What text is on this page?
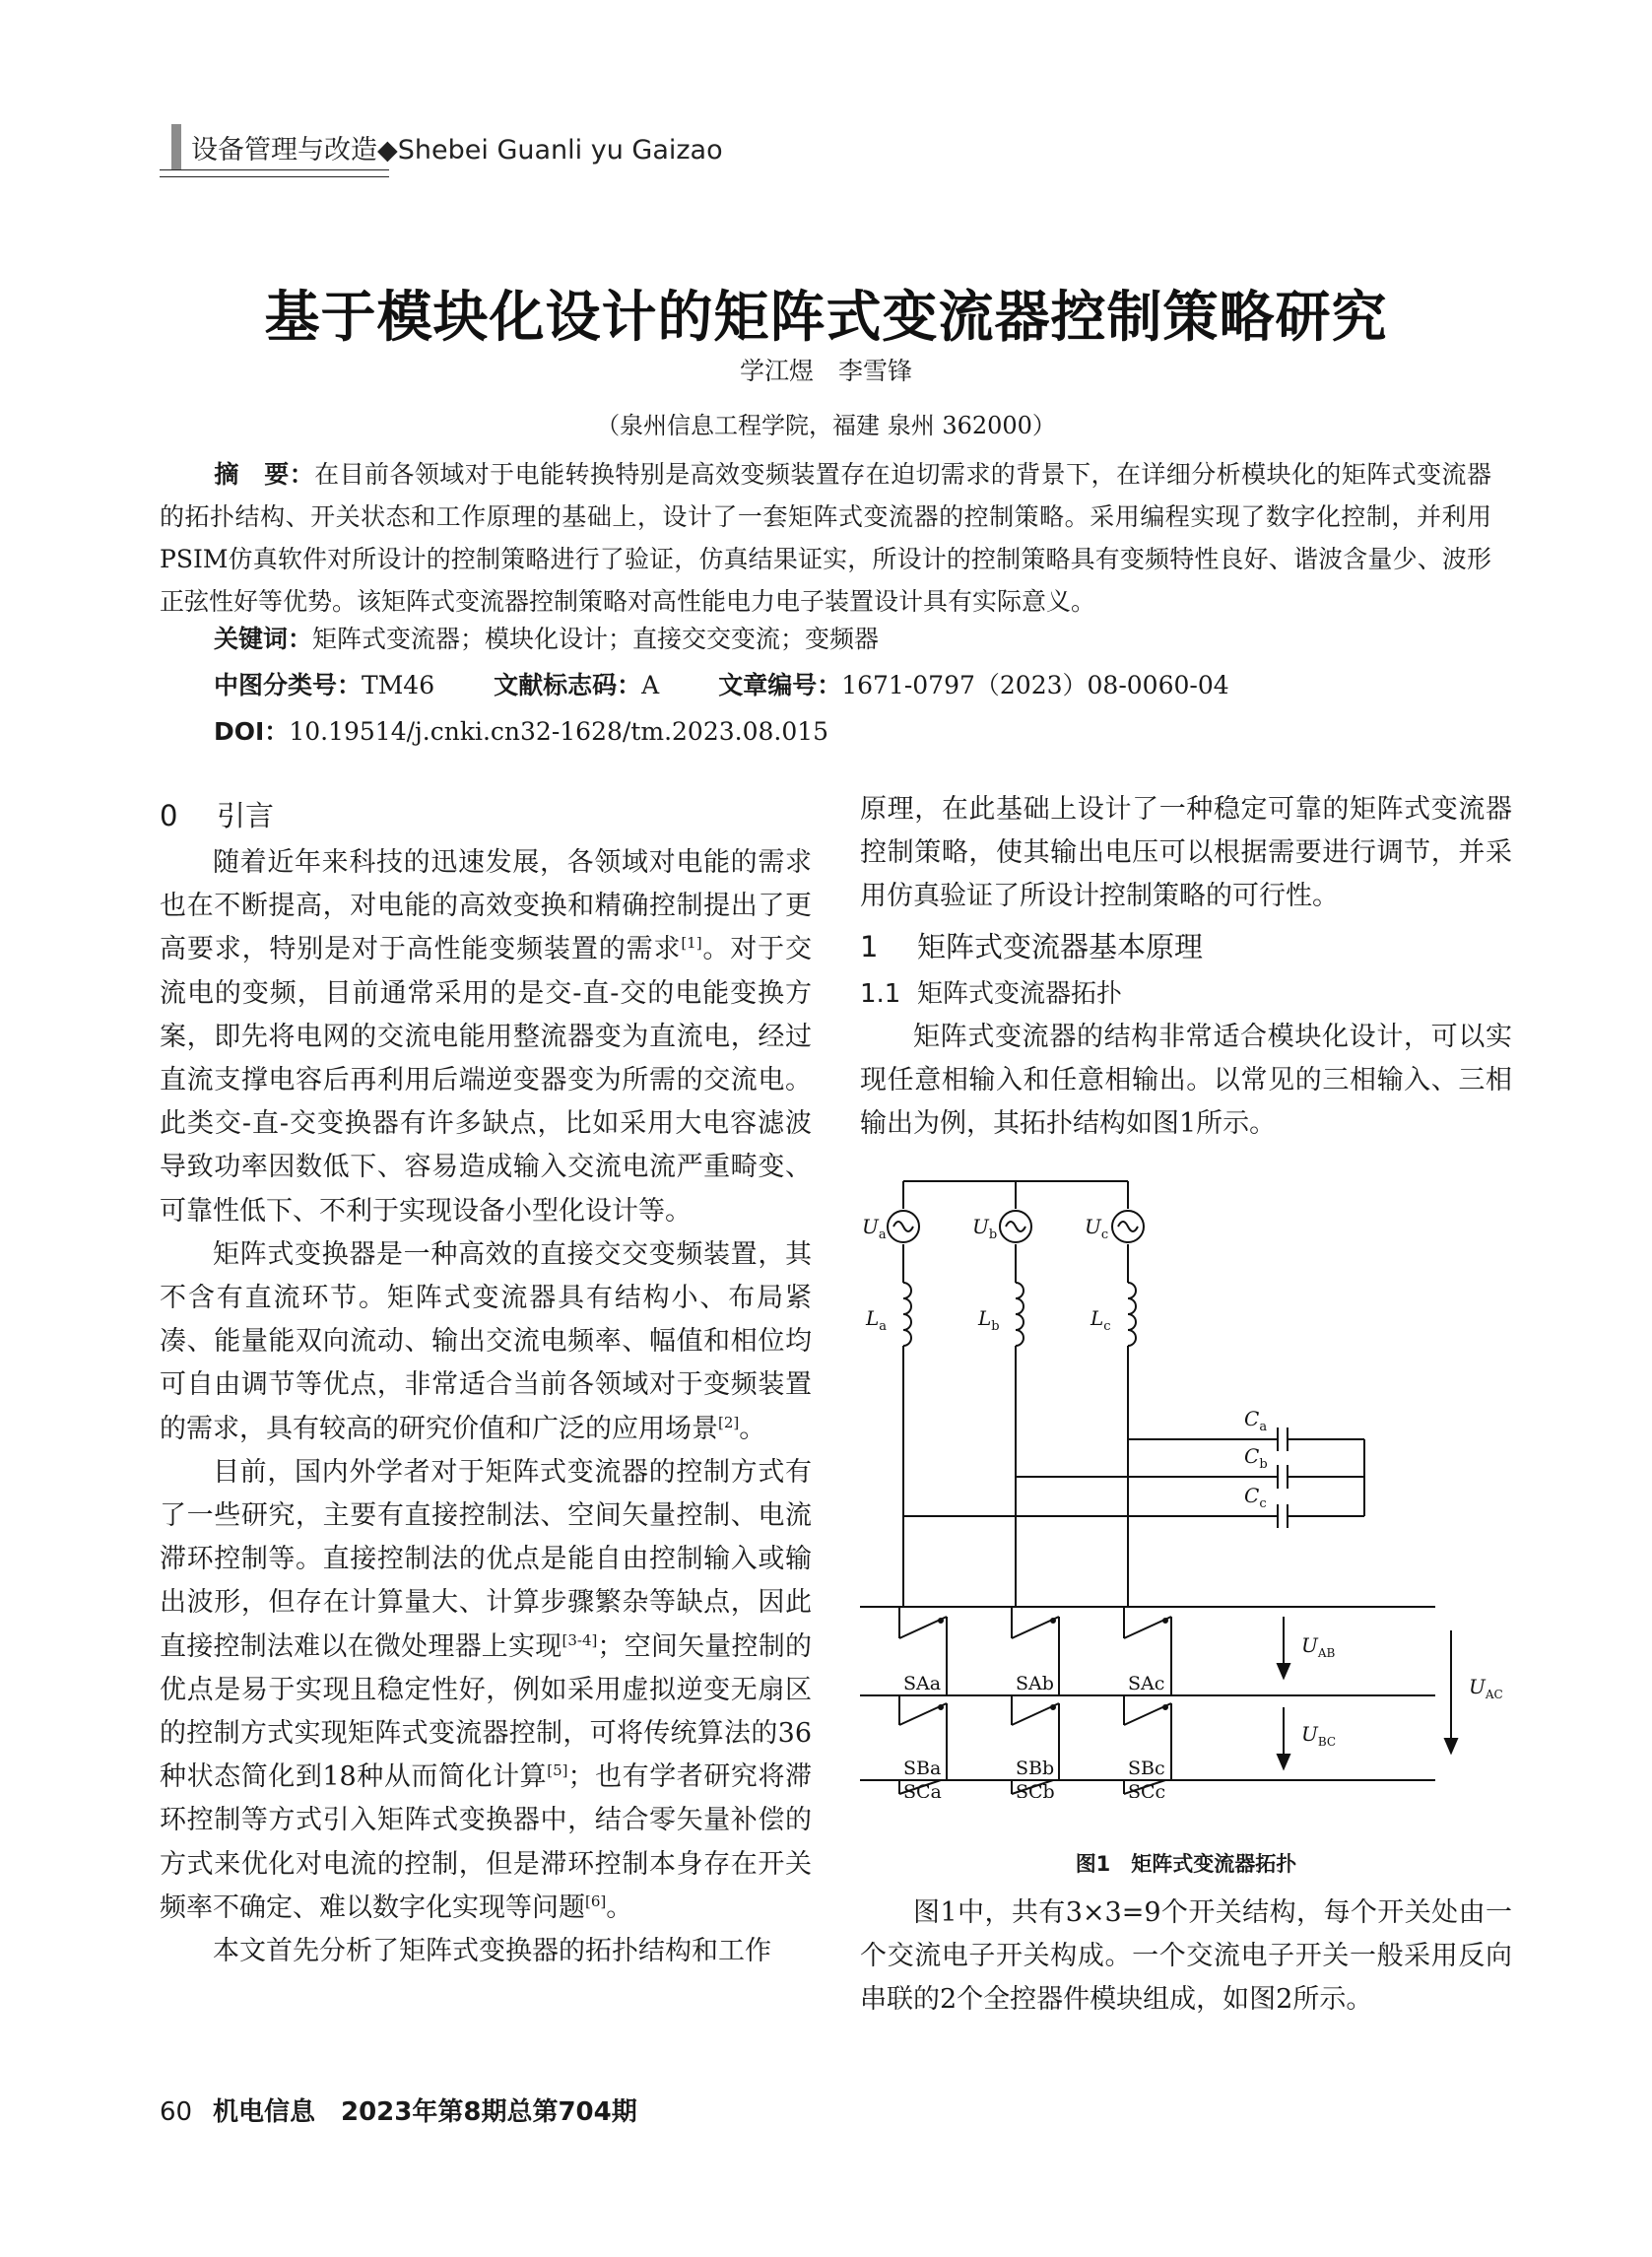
设备管理与改造◆Shebei Guanli yu Gaizao
基于模块化设计的矩阵式变流器控制策略研究
学江煜　李雪锋
（泉州信息工程学院，福建 泉州 362000）
摘　要：在目前各领域对于电能转换特别是高效变频装置存在迫切需求的背景下，在详细分析模块化的矩阵式变流器的拓扑结构、开关状态和工作原理的基础上，设计了一套矩阵式变流器的控制策略。采用编程实现了数字化控制，并利用PSIM仿真软件对所设计的控制策略进行了验证，仿真结果证实，所设计的控制策略具有变频特性良好、谐波含量少、波形正弦性好等优势。该矩阵式变流器控制策略对高性能电力电子装置设计具有实际意义。
关键词：矩阵式变流器；模块化设计；直接交交变流；变频器
中图分类号：TM46 文献标志码：A 文章编号：1671-0797（2023）08-0060-04
DOI：10.19514/j.cnki.cn32-1628/tm.2023.08.015
0 引言

随着近年来科技的迅速发展，各领域对电能的需求也在不断提高，对电能的高效变换和精确控制提出了更高要求，特别是对于高性能变频装置的需求[1]。对于交流电的变频，目前通常采用的是交-直-交的电能变换方案，即先将电网的交流电能用整流器变为直流电，经过直流支撑电容后再利用后端逆变器变为所需的交流电。此类交-直-交变换器有许多缺点，比如采用大电容滤波导致功率因数低下、容易造成输入交流电流严重畸变、可靠性低下、不利于实现设备小型化设计等。

矩阵式变换器是一种高效的直接交交变频装置，其不含有直流环节。矩阵式变流器具有结构小、布局紧凑、能量能双向流动、输出交流电频率、幅值和相位均可自由调节等优点，非常适合当前各领域对于变频装置的需求，具有较高的研究价值和广泛的应用场景[2]。

目前，国内外学者对于矩阵式变流器的控制方式有了一些研究，主要有直接控制法、空间矢量控制、电流滞环控制等。直接控制法的优点是能自由控制输入或输出波形，但存在计算量大、计算步骤繁杂等缺点，因此直接控制法难以在微处理器上实现[3-4]；空间矢量控制的优点是易于实现且稳定性好，例如采用虚拟逆变无扇区的控制方式实现矩阵式变流器控制，可将传统算法的36种状态简化到18种从而简化计算[5]；也有学者研究将滞环控制等方式引入矩阵式变换器中，结合零矢量补偿的方式来优化对电流的控制，但是滞环控制本身存在开关频率不确定、难以数字化实现等问题[6]。

本文首先分析了矩阵式变换器的拓扑结构和工作

原理，在此基础上设计了一种稳定可靠的矩阵式变流器控制策略，使其输出电压可以根据需要进行调节，并采用仿真验证了所设计控制策略的可行性。
1 矩阵式变流器基本原理
1.1 矩阵式变流器拓扑

矩阵式变流器的结构非常适合模块化设计，可以实现任意相输入和任意相输出。以常见的三相输入、三相输出为例，其拓扑结构如图1所示。

$U_a$	$U_b$	$U_c$
$L_a$	$L_b$	$L_c$
$C_a$
$C_b$
$C_c$
$U_{AB}$
$U_{BC}$
$U_{AC}$
SAa	SAb	SAc
SBa	SBb	SBc
SCa	SCb	SCc
图1　矩阵式变流器拓扑

图1中，共有3×3=9个开关结构，每个开关处由一个交流电子开关构成。一个交流电子开关一般采用反向串联的2个全控器件模块组成，如图2所示。

60 机电信息　2023年第8期总第704期
